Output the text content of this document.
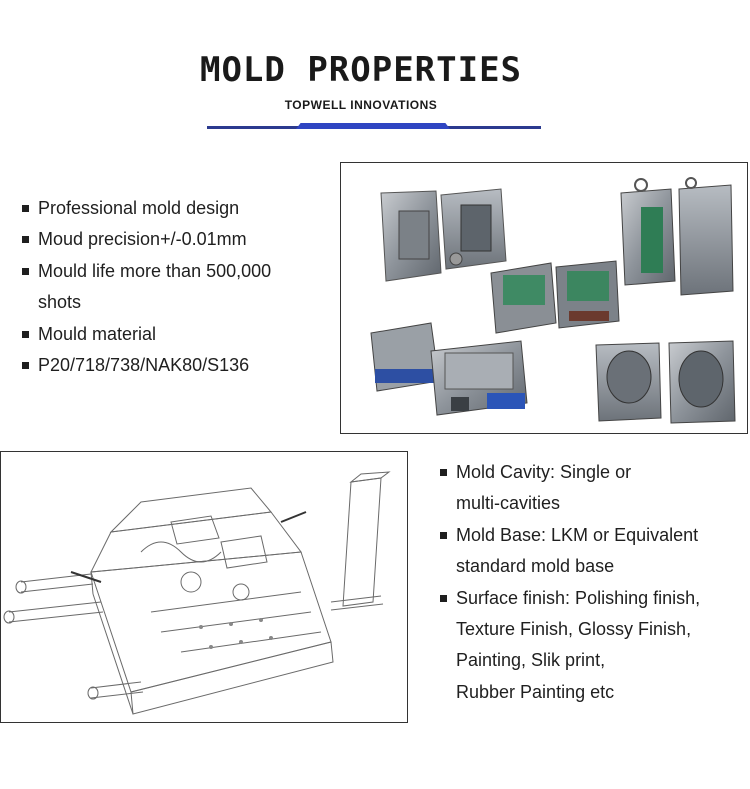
MOLD PROPERTIES
TOPWELL INNOVATIONS
Professional mold design
Moud precision+/-0.01mm
Mould life more than 500,000
shots
Mould material
P20/718/738/NAK80/S136
Mold Cavity: Single or
multi-cavities
Mold Base: LKM or Equivalent
standard mold base
Surface finish: Polishing finish,
Texture Finish, Glossy Finish,
Painting, Slik print,
Rubber Painting etc
